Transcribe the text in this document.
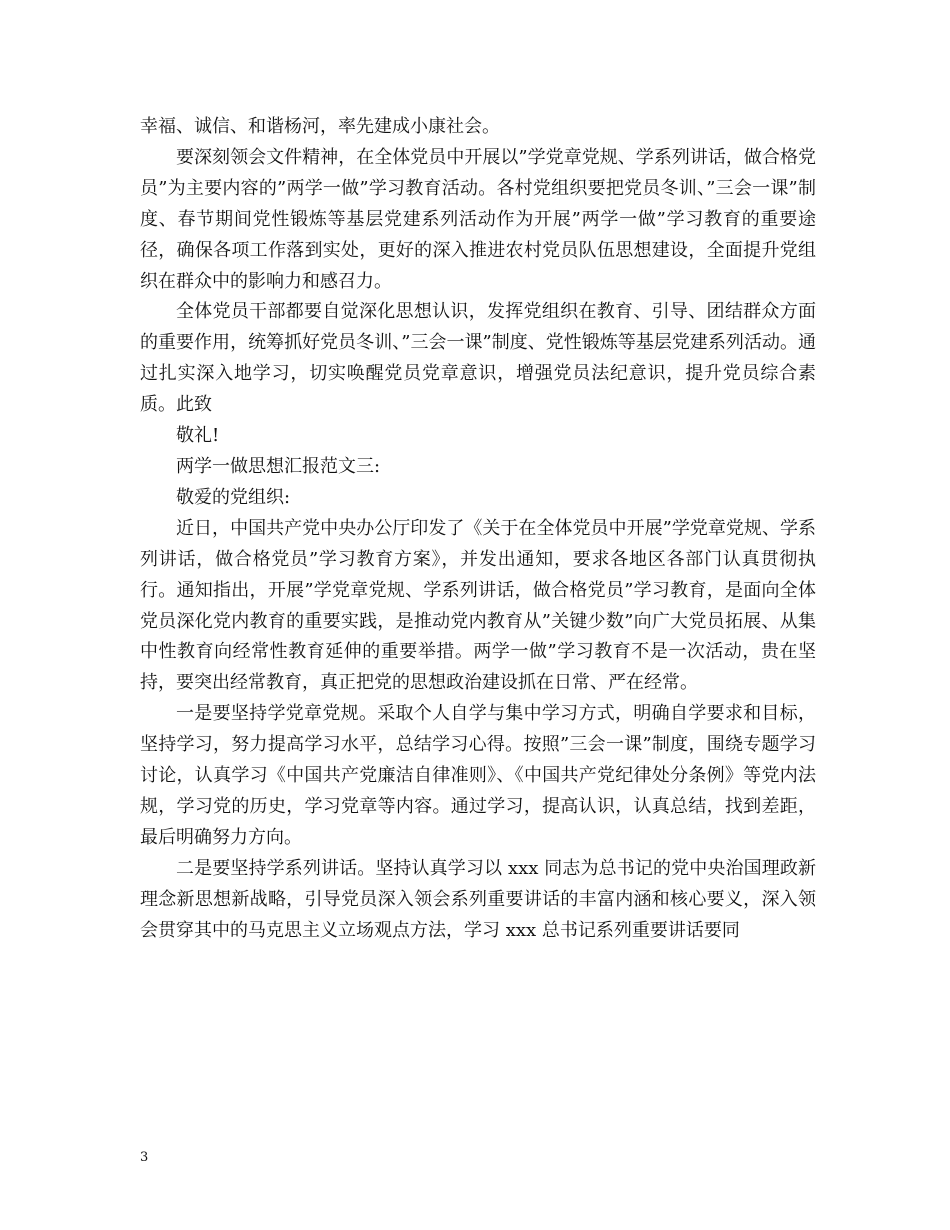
幸福、诚信、和谐杨河，率先建成小康社会。

要深刻领会文件精神，在全体党员中开展以”学党章党规、学系列讲话，做合格党员”为主要内容的”两学一做”学习教育活动。各村党组织要把党员冬训、”三会一课”制度、春节期间党性锻炼等基层党建系列活动作为开展”两学一做”学习教育的重要途径，确保各项工作落到实处，更好的深入推进农村党员队伍思想建设，全面提升党组织在群众中的影响力和感召力。

全体党员干部都要自觉深化思想认识，发挥党组织在教育、引导、团结群众方面的重要作用，统筹抓好党员冬训、”三会一课”制度、党性锻炼等基层党建系列活动。通过扎实深入地学习，切实唤醒党员党章意识，增强党员法纪意识，提升党员综合素质。此致

敬礼!

两学一做思想汇报范文三:

敬爱的党组织:

近日，中国共产党中央办公厅印发了《关于在全体党员中开展”学党章党规、学系列讲话，做合格党员”学习教育方案》，并发出通知，要求各地区各部门认真贯彻执行。通知指出，开展”学党章党规、学系列讲话，做合格党员”学习教育，是面向全体党员深化党内教育的重要实践，是推动党内教育从”关键少数”向广大党员拓展、从集中性教育向经常性教育延伸的重要举措。两学一做”学习教育不是一次活动，贵在坚持，要突出经常教育，真正把党的思想政治建设抓在日常、严在经常。

一是要坚持学党章党规。采取个人自学与集中学习方式，明确自学要求和目标，坚持学习，努力提高学习水平，总结学习心得。按照”三会一课”制度，围绕专题学习讨论，认真学习《中国共产党廉洁自律准则》、《中国共产党纪律处分条例》等党内法规，学习党的历史，学习党章等内容。通过学习，提高认识，认真总结，找到差距，最后明确努力方向。

二是要坚持学系列讲话。坚持认真学习以 xxx 同志为总书记的党中央治国理政新理念新思想新战略，引导党员深入领会系列重要讲话的丰富内涵和核心要义，深入领会贯穿其中的马克思主义立场观点方法，学习 xxx 总书记系列重要讲话要同

3
